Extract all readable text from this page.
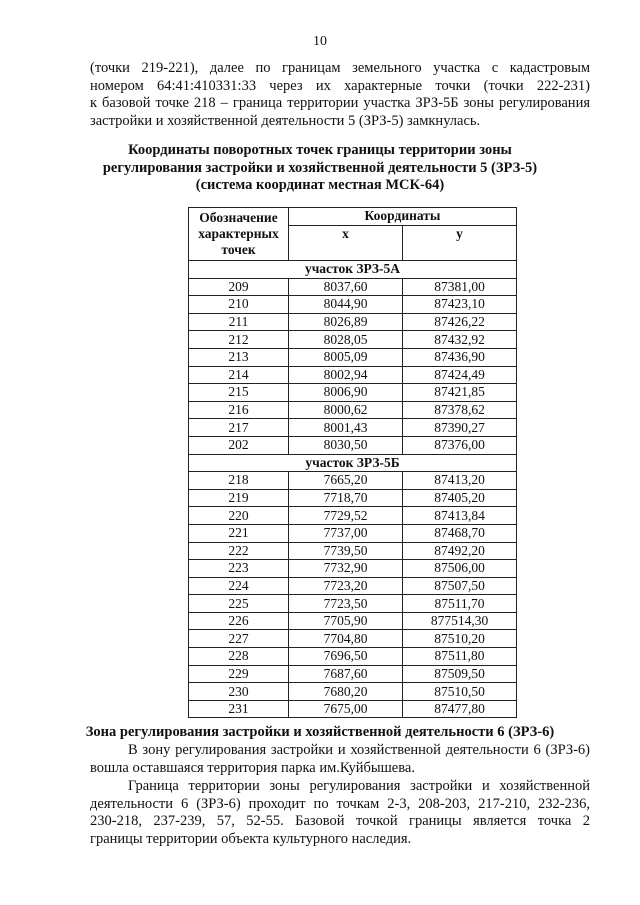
10
(точки 219-221), далее по границам земельного участка с кадастровым
номером 64:41:410331:33 через их характерные точки (точки 222-231)
к базовой точке 218 – граница территории участка ЗРЗ-5Б зоны регулирования
застройки и хозяйственной деятельности 5 (ЗРЗ-5) замкнулась.
Координаты поворотных точек границы территории зоны
регулирования застройки и хозяйственной деятельности 5 (ЗРЗ-5)
(система координат местная МСК-64)
Обозначение
характерных
точек	Координаты	
	х	у
участок ЗРЗ-5А		
209	8037,60	87381,00
210	8044,90	87423,10
211	8026,89	87426,22
212	8028,05	87432,92
213	8005,09	87436,90
214	8002,94	87424,49
215	8006,90	87421,85
216	8000,62	87378,62
217	8001,43	87390,27
202	8030,50	87376,00
участок ЗРЗ-5Б		
218	7665,20	87413,20
219	7718,70	87405,20
220	7729,52	87413,84
221	7737,00	87468,70
222	7739,50	87492,20
223	7732,90	87506,00
224	7723,20	87507,50
225	7723,50	87511,70
226	7705,90	877514,30
227	7704,80	87510,20
228	7696,50	87511,80
229	7687,60	87509,50
230	7680,20	87510,50
231	7675,00	87477,80
Зона регулирования застройки и хозяйственной деятельности 6 (ЗРЗ-6)
В зону регулирования застройки и хозяйственной деятельности 6 (ЗРЗ-6)
вошла оставшаяся территория парка им.Куйбышева.
Граница территории зоны регулирования застройки и хозяйственной
деятельности 6 (ЗРЗ-6) проходит по точкам 2-3, 208-203, 217-210, 232-236,
230-218, 237-239, 57, 52-55. Базовой точкой границы является точка 2
границы территории объекта культурного наследия.
